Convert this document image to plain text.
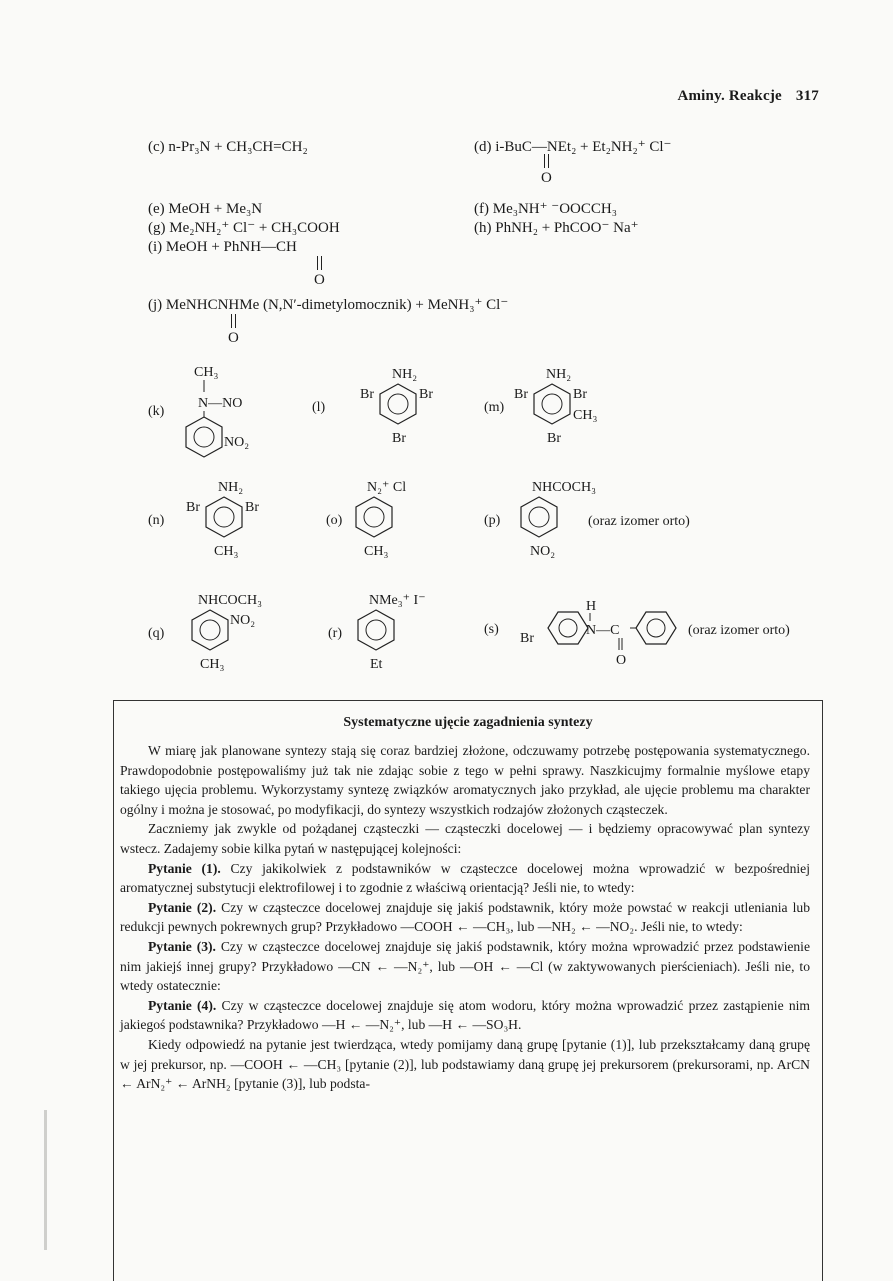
Aminy. Reakcje 317
(c) n-Pr₃N + CH₃CH=CH₂	(d) i-BuC—NEt₂ + Et₂NH₂⁺ Cl⁻
O
(e) MeOH + Me₃N	(f) Me₃NH⁺ ⁻OOCCH₃
(g) Me₂NH₂⁺ Cl⁻ + CH₃COOH	(h) PhNH₂ + PhCOO⁻ Na⁺
(i) MeOH + PhNH—CH
O
(j) MeNHCNHMe (N,N′-dimetylomocznik) + MeNH₃⁺ Cl⁻
O
(k)
CH₃
N—NO
NO₂
(l)
NH₂
Br	Br
Br
(m)
NH₂
Br	Br
CH₃
Br
(n)
NH₂
Br	Br
CH₃
(o)
N₂⁺ Cl
CH₃
(p)
NHCOCH₃
NO₂
(oraz izomer orto)
(q)
NHCOCH₃
NO₂
CH₃
(r)
NMe₃⁺ I⁻
Et
(s)
Br
H
N—C
O
(oraz izomer orto)
Systematyczne ujęcie zagadnienia syntezy

W miarę jak planowane syntezy stają się coraz bardziej złożone, odczuwamy potrzebę postępowania systematycznego. Prawdopodobnie postępowaliśmy już tak nie zdając sobie z tego w pełni sprawy. Naszkicujmy formalnie myślowe etapy takiego ujęcia problemu. Wykorzystamy syntezę związków aromatycznych jako przykład, ale ujęcie problemu ma charakter ogólny i można je stosować, po modyfikacji, do syntezy wszystkich rodzajów złożonych cząsteczek.

Zaczniemy jak zwykle od pożądanej cząsteczki — cząsteczki docelowej — i będziemy opracowywać plan syntezy wstecz. Zadajemy sobie kilka pytań w następującej kolejności:

Pytanie (1). Czy jakikolwiek z podstawników w cząsteczce docelowej można wprowadzić w bezpośredniej aromatycznej substytucji elektrofilowej i to zgodnie z właściwą orientacją? Jeśli nie, to wtedy:

Pytanie (2). Czy w cząsteczce docelowej znajduje się jakiś podstawnik, który może powstać w reakcji utleniania lub redukcji pewnych pokrewnych grup? Przykładowo —COOH ← —CH₃, lub —NH₂ ← —NO₂. Jeśli nie, to wtedy:

Pytanie (3). Czy w cząsteczce docelowej znajduje się jakiś podstawnik, który można wprowadzić przez podstawienie nim jakiejś innej grupy? Przykładowo —CN ← —N₂⁺, lub —OH ← —Cl (w zaktywowanych pierścieniach). Jeśli nie, to wtedy ostatecznie:

Pytanie (4). Czy w cząsteczce docelowej znajduje się atom wodoru, który można wprowadzić przez zastąpienie nim jakiegoś podstawnika? Przykładowo —H ← —N₂⁺, lub —H ← —SO₃H.

Kiedy odpowiedź na pytanie jest twierdząca, wtedy pomijamy daną grupę [pytanie (1)], lub przekształcamy daną grupę w jej prekursor, np. —COOH ← —CH₃ [pytanie (2)], lub podstawiamy daną grupę jej prekursorem (prekursorami, np. ArCN ← ArN₂⁺ ← ArNH₂ [pytanie (3)], lub podsta-
